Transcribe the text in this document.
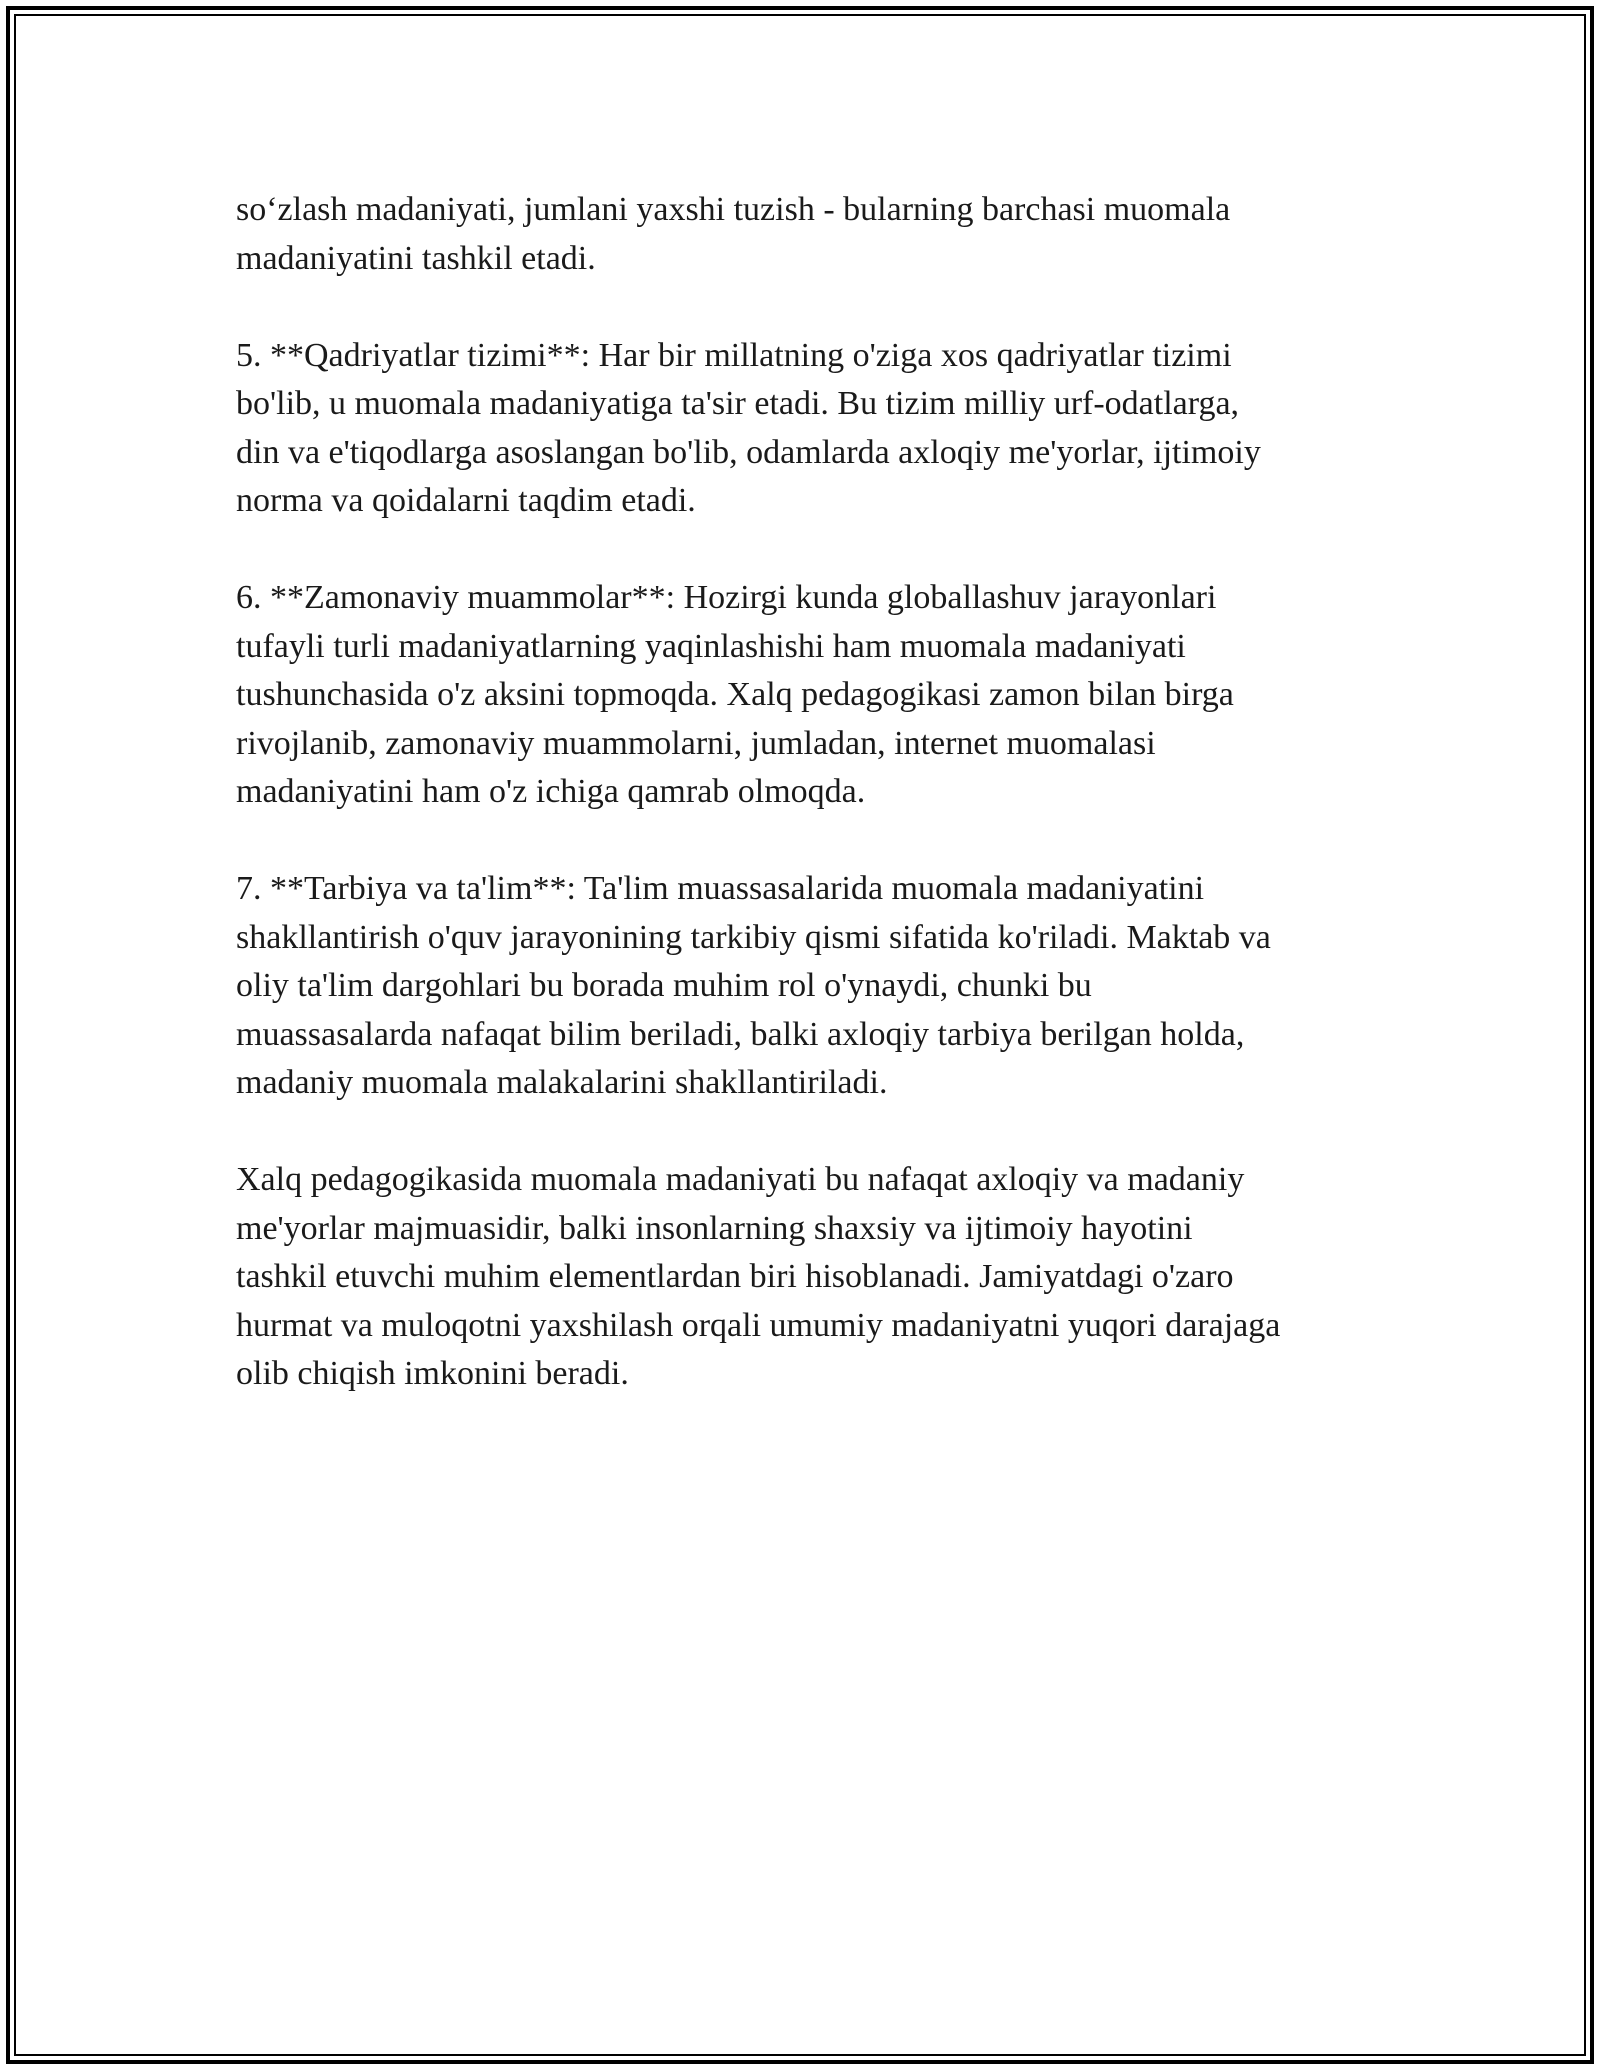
so‘zlash madaniyati, jumlani yaxshi tuzish - bularning barchasi muomala
madaniyatini tashkil etadi.

5. **Qadriyatlar tizimi**: Har bir millatning o'ziga xos qadriyatlar tizimi
bo'lib, u muomala madaniyatiga ta'sir etadi. Bu tizim milliy urf-odatlarga,
din va e'tiqodlarga asoslangan bo'lib, odamlarda axloqiy me'yorlar, ijtimoiy
norma va qoidalarni taqdim etadi.

6. **Zamonaviy muammolar**: Hozirgi kunda globallashuv jarayonlari
tufayli turli madaniyatlarning yaqinlashishi ham muomala madaniyati
tushunchasida o'z aksini topmoqda. Xalq pedagogikasi zamon bilan birga
rivojlanib, zamonaviy muammolarni, jumladan, internet muomalasi
madaniyatini ham o'z ichiga qamrab olmoqda.

7. **Tarbiya va ta'lim**: Ta'lim muassasalarida muomala madaniyatini
shakllantirish o'quv jarayonining tarkibiy qismi sifatida ko'riladi. Maktab va
oliy ta'lim dargohlari bu borada muhim rol o'ynaydi, chunki bu
muassasalarda nafaqat bilim beriladi, balki axloqiy tarbiya berilgan holda,
madaniy muomala malakalarini shakllantiriladi.

Xalq pedagogikasida muomala madaniyati bu nafaqat axloqiy va madaniy
me'yorlar majmuasidir, balki insonlarning shaxsiy va ijtimoiy hayotini
tashkil etuvchi muhim elementlardan biri hisoblanadi. Jamiyatdagi o'zaro
hurmat va muloqotni yaxshilash orqali umumiy madaniyatni yuqori darajaga
olib chiqish imkonini beradi.
